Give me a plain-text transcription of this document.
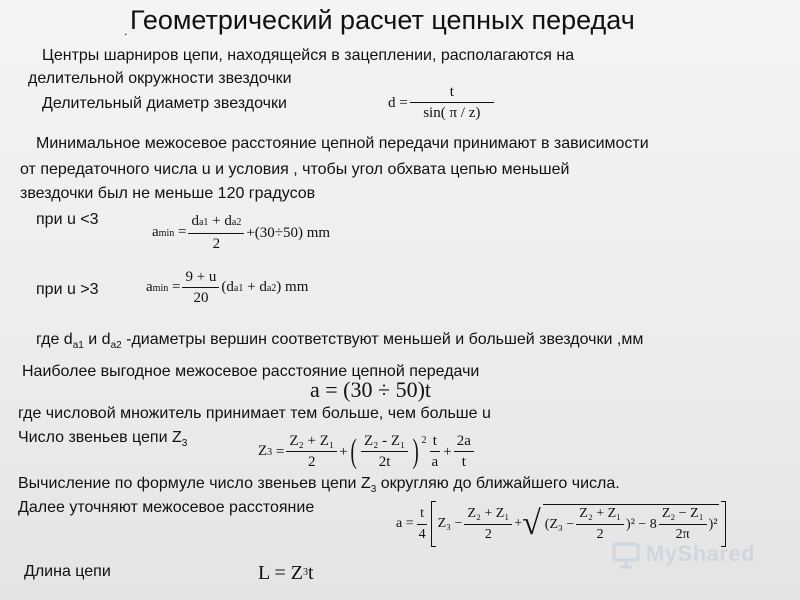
. Геометрический расчет цепных передач
Центры шарниров цепи, находящейся в зацеплении, располагаются на
делительной окружности звездочки
Делительный диаметр звездочки	$d = \frac{t}{\sin( \pi / z)}$
Минимальное межосевое расстояние цепной передачи принимают в зависимости
от передаточного числа u и условия , чтобы угол обхвата цепью меньшей
звездочки был не меньше 120 градусов
при u <3
$amin = \frac{da1 + da2}{2} +(30\div 50)$ mm
при u >3	$amin = \frac{9 + u}{20} (da1 + da2)$ mm
где $d_{a1}$ и $d_{a2}$ -диаметры вершин соответствуют меньшей и большей звездочки ,мм
Наиболее выгодное межосевое расстояние цепной передачи
a = (30 ÷ 50)t
где числовой множитель принимает тем больше, чем больше u
Число звеньев цепи $Z_3$	Z3
= $\frac{\text{Z₂ + Z₁}}{2}$ + ( $\frac{\text{Z₂ - Z₁}}{2t}$ ) $2 \frac{t}{a} + \frac{2a}{t}$
Вычисление по формуле число звеньев цепи $Z_3$ округляю до ближайшего числа.
Далее уточняют межосевое расстояние
$a = \frac{t}{4} Z_3 - \frac{\text{Z₂ + Z₁}}{2}$ + √ $(Z_3 - \frac{\text{Z₂ + Z₁}}{2} )^2 - 8 \frac{\text{Z₂ − Z₁}}{2\pi} )^2$
Длина цепи	L = Z 3 t
MyShared
